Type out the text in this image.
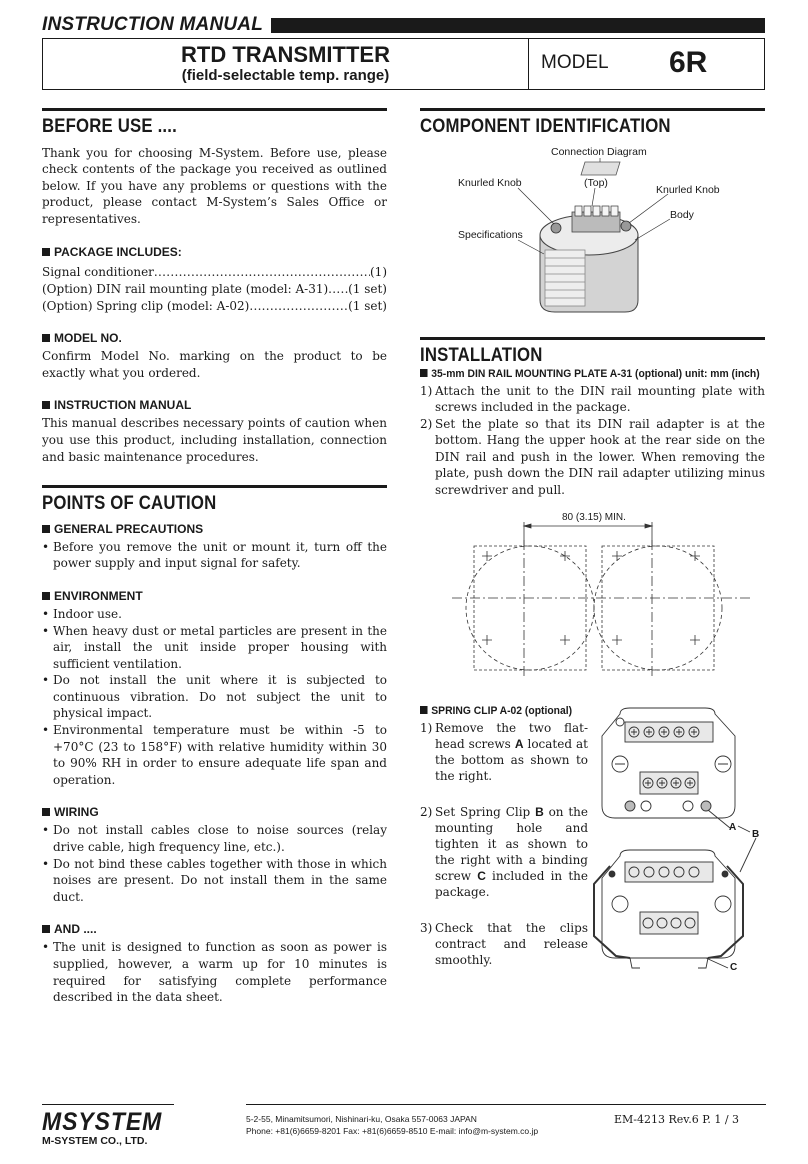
INSTRUCTION MANUAL
RTD TRANSMITTER
(field-selectable temp. range)
MODEL 6R
BEFORE USE ....
Thank you for choosing M-System. Before use, please check contents of the package you received as outlined below. If you have any problems or questions with the product, please contact M-System’s Sales Office or representatives.
PACKAGE INCLUDES:
Signal conditioner .....	(1)
(Option) DIN rail mounting plate (model: A-31) ..... (1 set)
(Option) Spring clip (model: A-02) .....	(1 set)
MODEL NO.
Confirm Model No. marking on the product to be exactly what you ordered.
INSTRUCTION MANUAL
This manual describes necessary points of caution when you use this product, including installation, connection and basic maintenance procedures.
POINTS OF CAUTION
GENERAL PRECAUTIONS
• Before you remove the unit or mount it, turn off the power supply and input signal for safety.
ENVIRONMENT
• Indoor use.
• When heavy dust or metal particles are present in the air, install the unit inside proper housing with sufficient ventilation.
• Do not install the unit where it is subjected to continuous vibration. Do not subject the unit to physical impact.
• Environmental temperature must be within -5 to +70°C (23 to 158°F) with relative humidity within 30 to 90% RH in order to ensure adequate life span and operation.
WIRING
• Do not install cables close to noise sources (relay drive cable, high frequency line, etc.).
• Do not bind these cables together with those in which noises are present. Do not install them in the same duct.
AND ....
• The unit is designed to function as soon as power is supplied, however, a warm up for 10 minutes is required for satisfying complete performance described in the data sheet.
COMPONENT IDENTIFICATION
Connection Diagram
(Top)
Knurled Knob
Knurled Knob
Body
Specifications
INSTALLATION
35-mm DIN RAIL MOUNTING PLATE A-31 (optional) unit: mm (inch)
1) Attach the unit to the DIN rail mounting plate with screws included in the package.
2) Set the plate so that its DIN rail adapter is at the bottom. Hang the upper hook at the rear side on the DIN rail and push in the lower. When removing the plate, push down the DIN rail adapter utilizing minus screwdriver and pull.
80 (3.15) MIN.
SPRING CLIP A-02 (optional)
1) Remove the two flat-head screws A located at the bottom as shown to the right.
2) Set Spring Clip B on the mounting hole and tighten it as shown to the right with a binding screw C included in the package.
3) Check that the clips contract and release smoothly.
A
B
C
MSYSTEM
M-SYSTEM CO., LTD.
5-2-55, Minamitsumori, Nishinari-ku, Osaka 557-0063 JAPAN
Phone: +81(6)6659-8201 Fax: +81(6)6659-8510 E-mail: info@m-system.co.jp
EM-4213 Rev.6 P. 1 / 3
